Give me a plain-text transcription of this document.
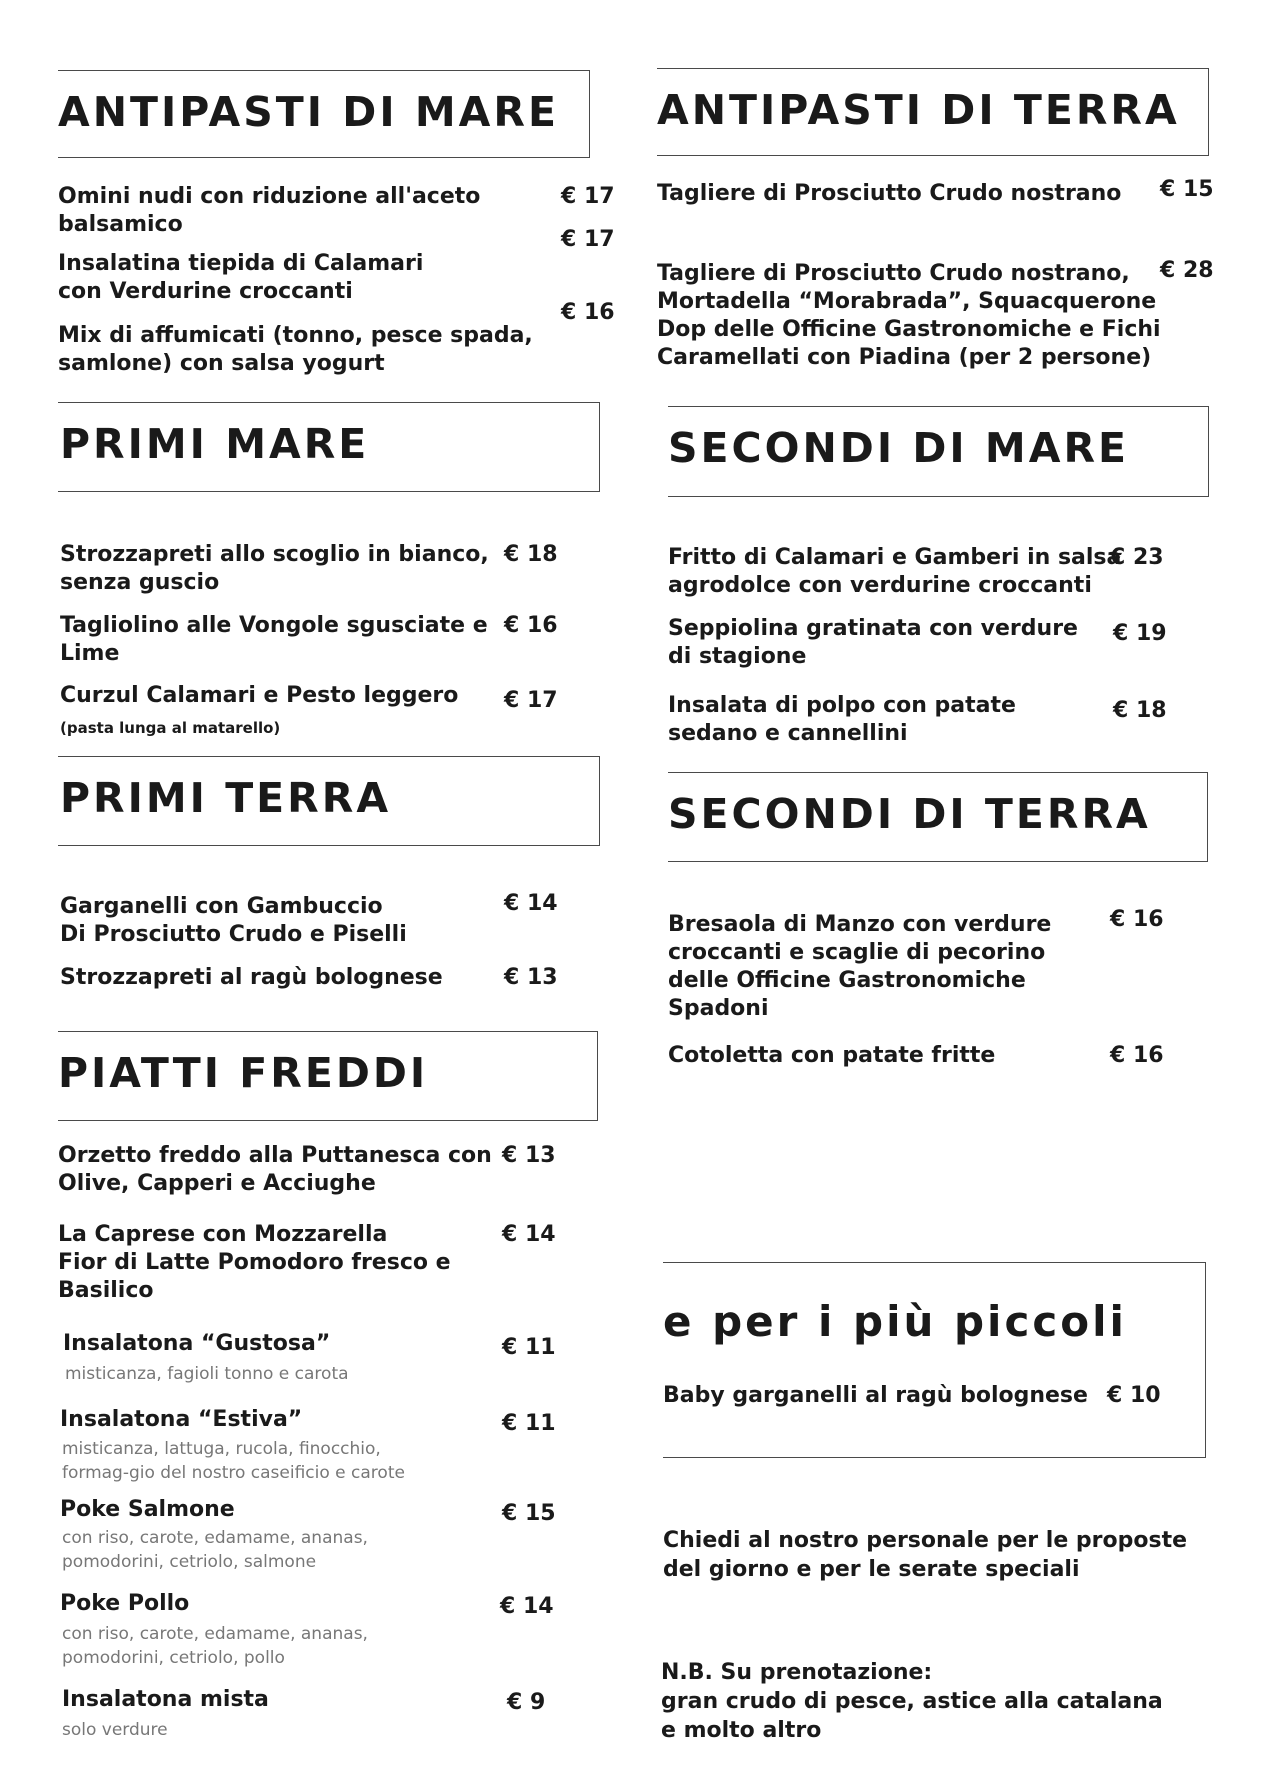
ANTIPASTI DI MARE

Omini nudi con riduzione all'aceto
balsamico

€ 17

Insalatina tiepida di Calamari
con Verdurine croccanti

€ 17

Mix di affumicati (tonno, pesce spada,
samlone) con salsa yogurt

€ 16
ANTIPASTI DI TERRA

Tagliere di Prosciutto Crudo nostrano € 15

Tagliere di Prosciutto Crudo nostrano,
Mortadella “Morabrada”, Squacquerone
Dop delle Officine Gastronomiche e Fichi
Caramellati con Piadina (per 2 persone)

€ 28
PRIMI MARE

Strozzapreti allo scoglio in bianco,
senza guscio

€ 18

Tagliolino alle Vongole sgusciate e
Lime

€ 16

Curzul Calamari e Pesto leggero € 17
(pasta lunga al matarello)
SECONDI DI MARE

Fritto di Calamari e Gamberi in salsa
agrodolce con verdurine croccanti

€ 23

Seppiolina gratinata con verdure
di stagione

€ 19

Insalata di polpo con patate
sedano e cannellini

€ 18
PRIMI TERRA

Garganelli con Gambuccio
Di Prosciutto Crudo e Piselli

€ 14

Strozzapreti al ragù bolognese	€ 13
SECONDI DI TERRA

Bresaola di Manzo con verdure
croccanti e scaglie di pecorino
delle Officine Gastronomiche
Spadoni

€ 16

Cotoletta con patate fritte	€ 16
PIATTI FREDDI

Orzetto freddo alla Puttanesca con
Olive, Capperi e Acciughe

€ 13

La Caprese con Mozzarella
Fior di Latte Pomodoro fresco e
Basilico

€ 14

Insalatona “Gustosa”	€ 11

misticanza, fagioli tonno e carota

Insalatona “Estiva”	€ 11

misticanza, lattuga, rucola, finocchio,
formag-gio del nostro caseificio e carote

Poke Salmone	€ 15

con riso, carote, edamame, ananas,
pomodorini, cetriolo, salmone

Poke Pollo	€ 14

con riso, carote, edamame, ananas,
pomodorini, cetriolo, pollo

Insalatona mista	€ 9

solo verdure

e per i più piccoli

Baby garganelli al ragù bolognese € 10

Chiedi al nostro personale per le proposte
del giorno e per le serate speciali

N.B. Su prenotazione:
gran crudo di pesce, astice alla catalana
e molto altro
